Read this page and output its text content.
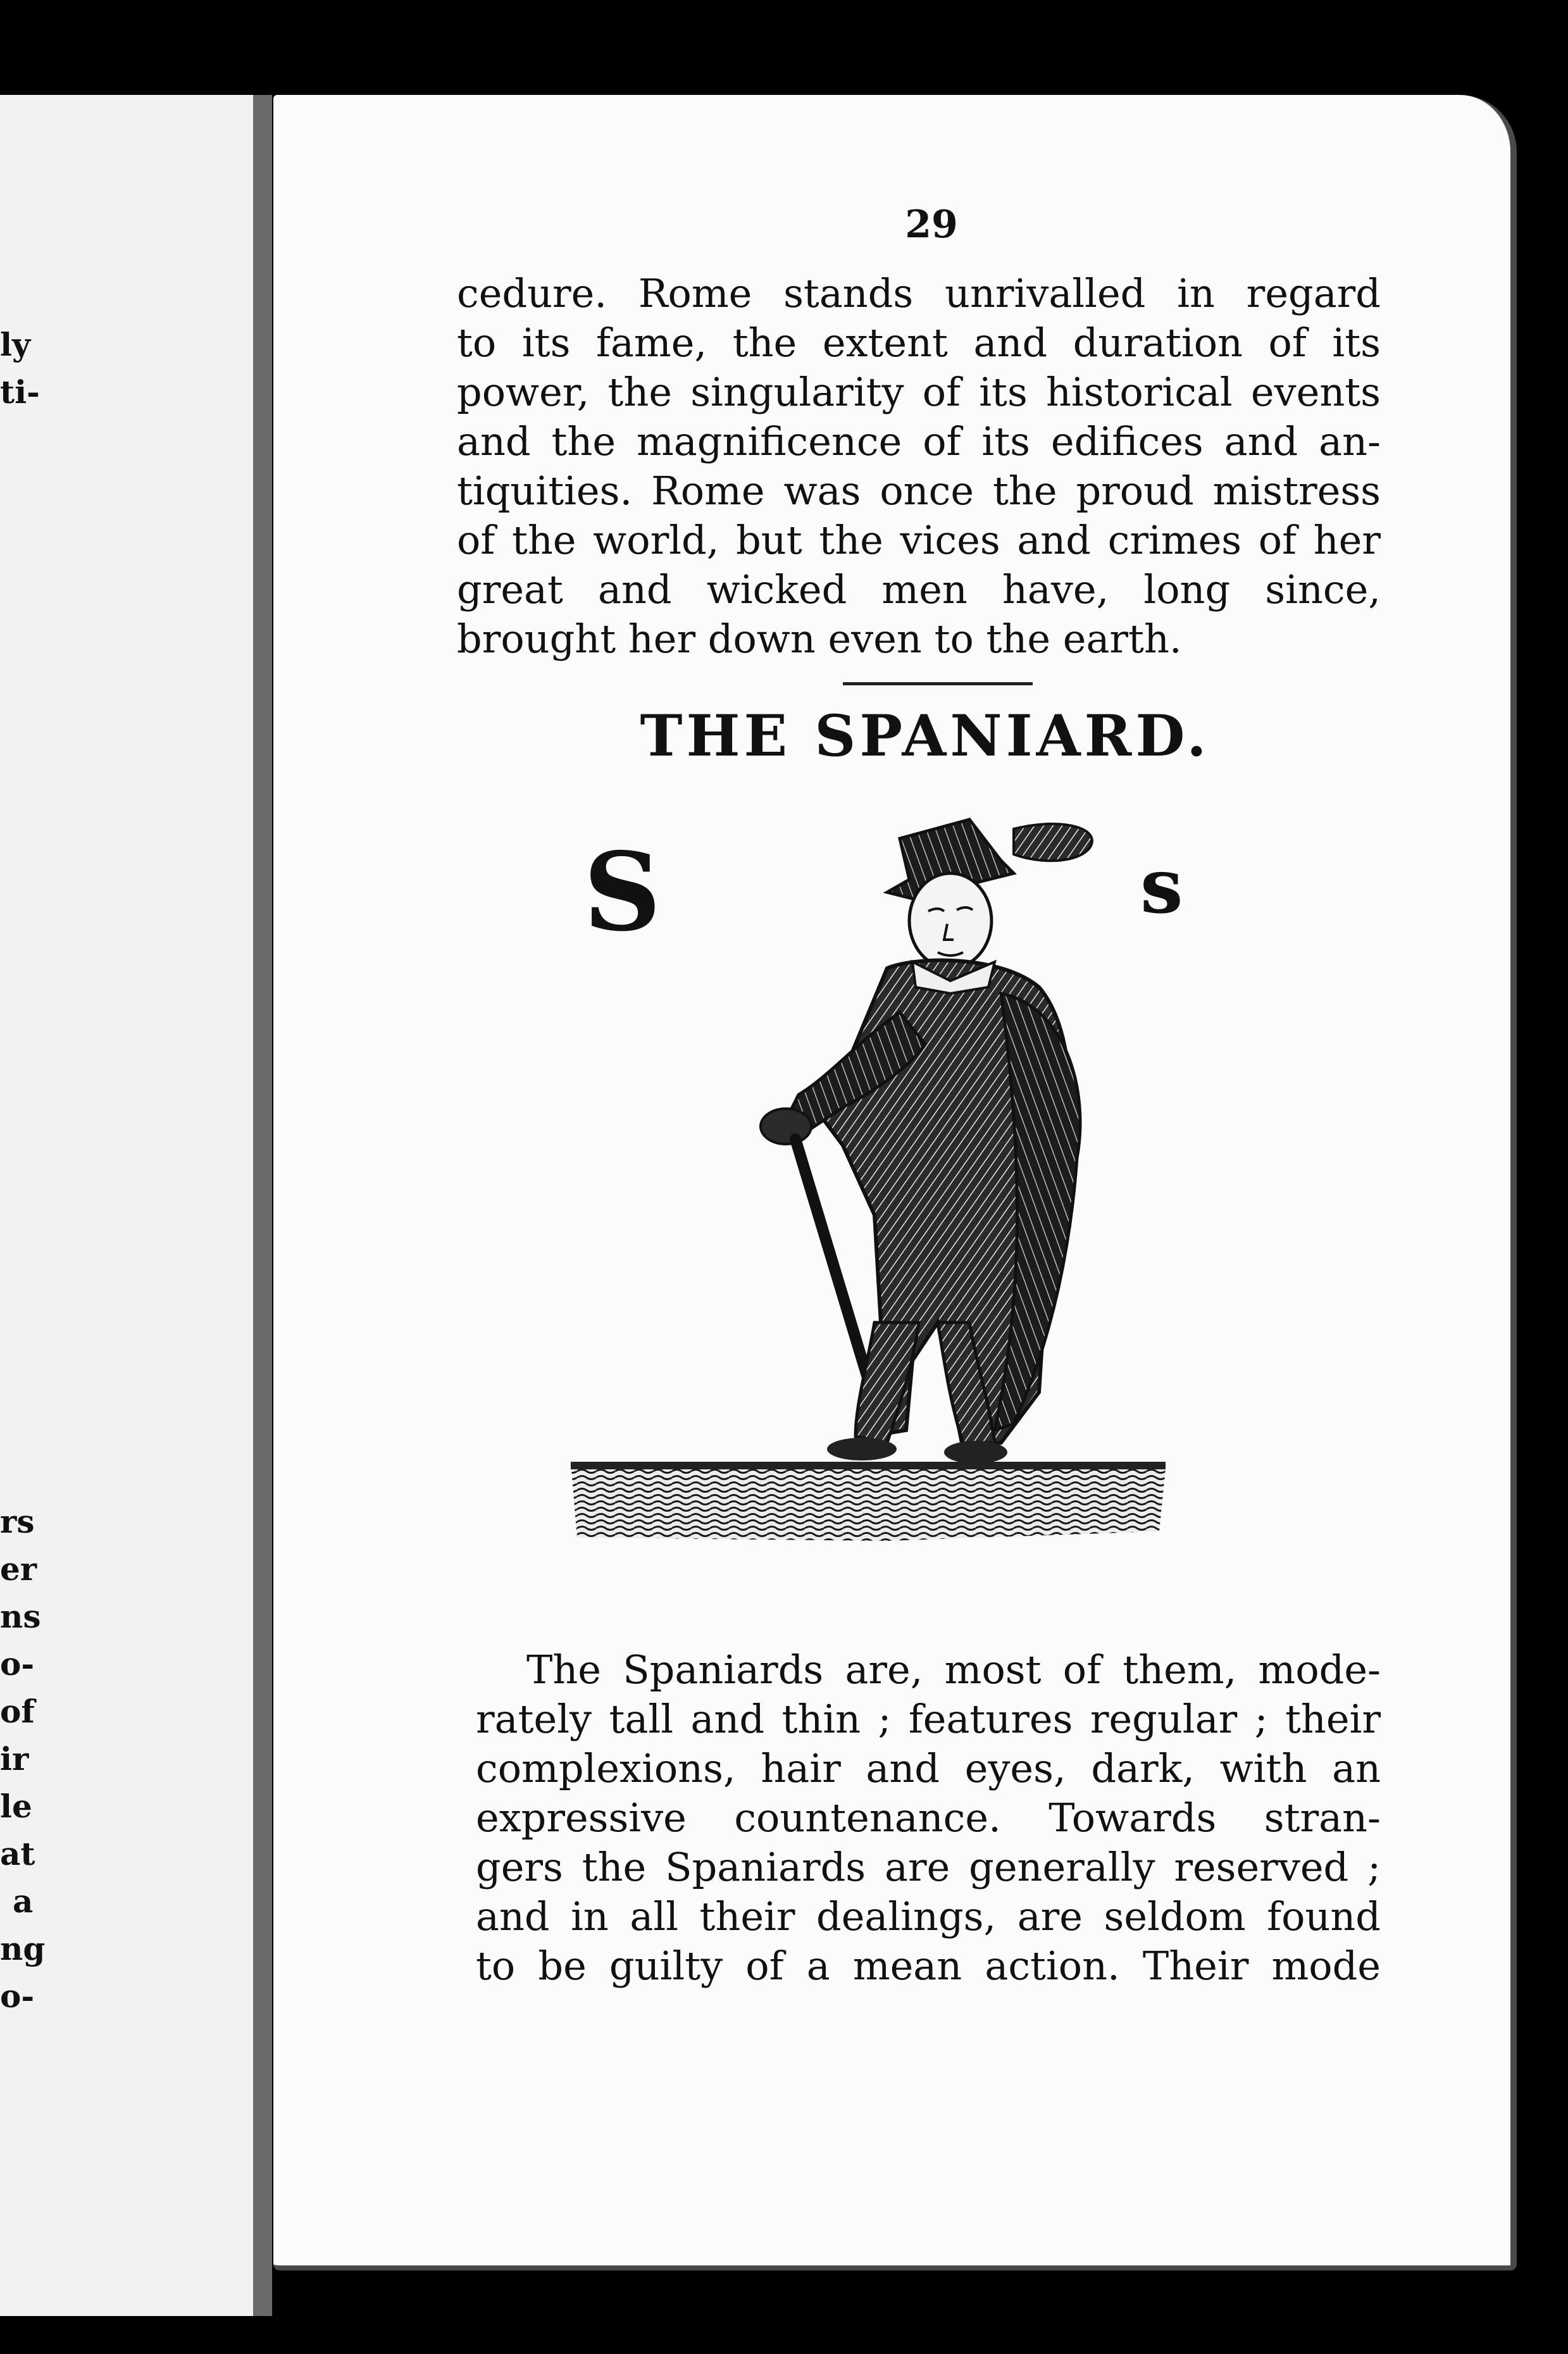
ly
ti-
rs
er
ns
o-
of
ir
le
at
a
ng
o-
29
cedure. Rome stands unrivalled in regard
to its fame, the extent and duration of its
power, the singularity of its historical events
and the magnificence of its edifices and an-
tiquities. Rome was once the proud mistress
of the world, but the vices and crimes of her
great and wicked men have, long since,
brought her down even to the earth.
THE SPANIARD.
S	s
The Spaniards are, most of them, mode-
rately tall and thin ; features regular ; their
complexions, hair and eyes, dark, with an
expressive countenance. Towards stran-
gers the Spaniards are generally reserved ;
and in all their dealings, are seldom found
to be guilty of a mean action. Their mode
